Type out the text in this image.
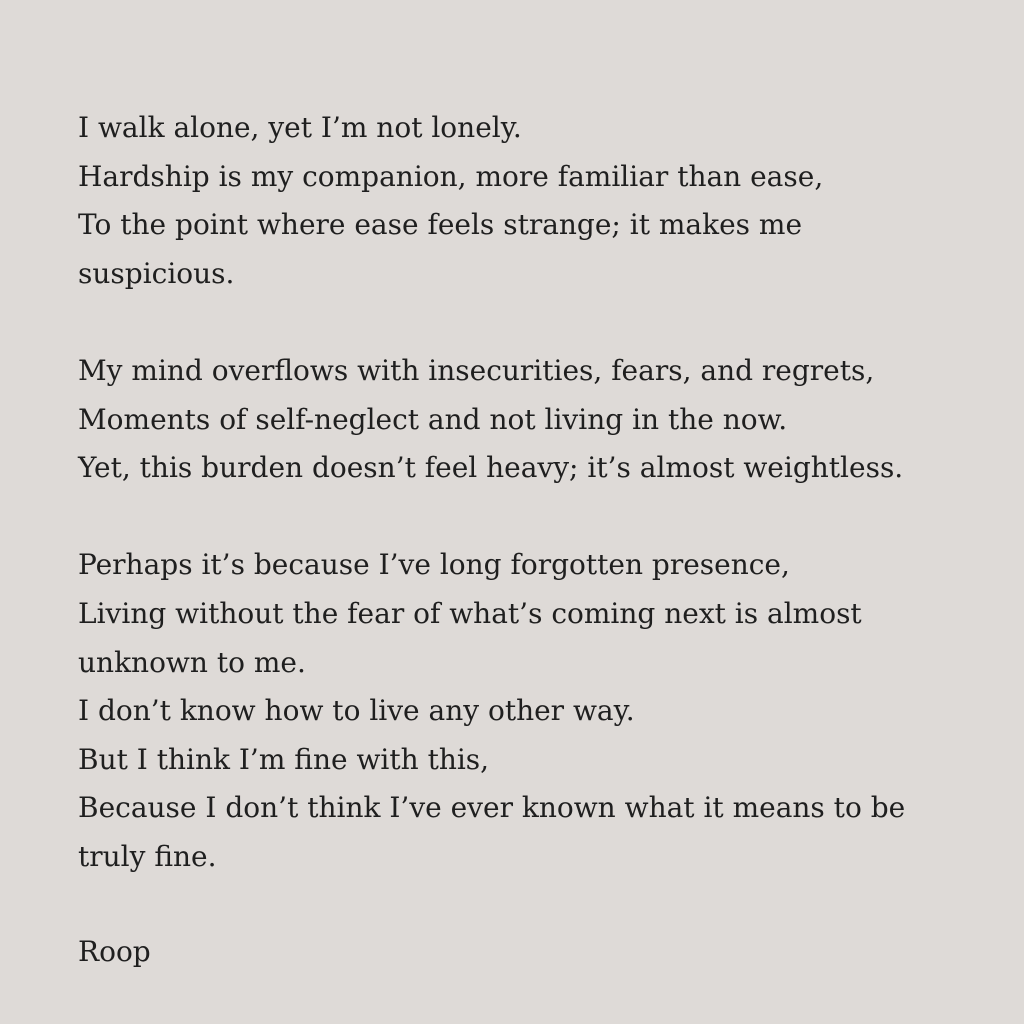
I walk alone, yet I’m not lonely.
Hardship is my companion, more familiar than ease,
To the point where ease feels strange; it makes me
suspicious.
My mind overflows with insecurities, fears, and regrets,
Moments of self-neglect and not living in the now.
Yet, this burden doesn’t feel heavy; it’s almost weightless.
Perhaps it’s because I’ve long forgotten presence,
Living without the fear of what’s coming next is almost
unknown to me.
I don’t know how to live any other way.
But I think I’m fine with this,
Because I don’t think I’ve ever known what it means to be
truly fine.
Roop
